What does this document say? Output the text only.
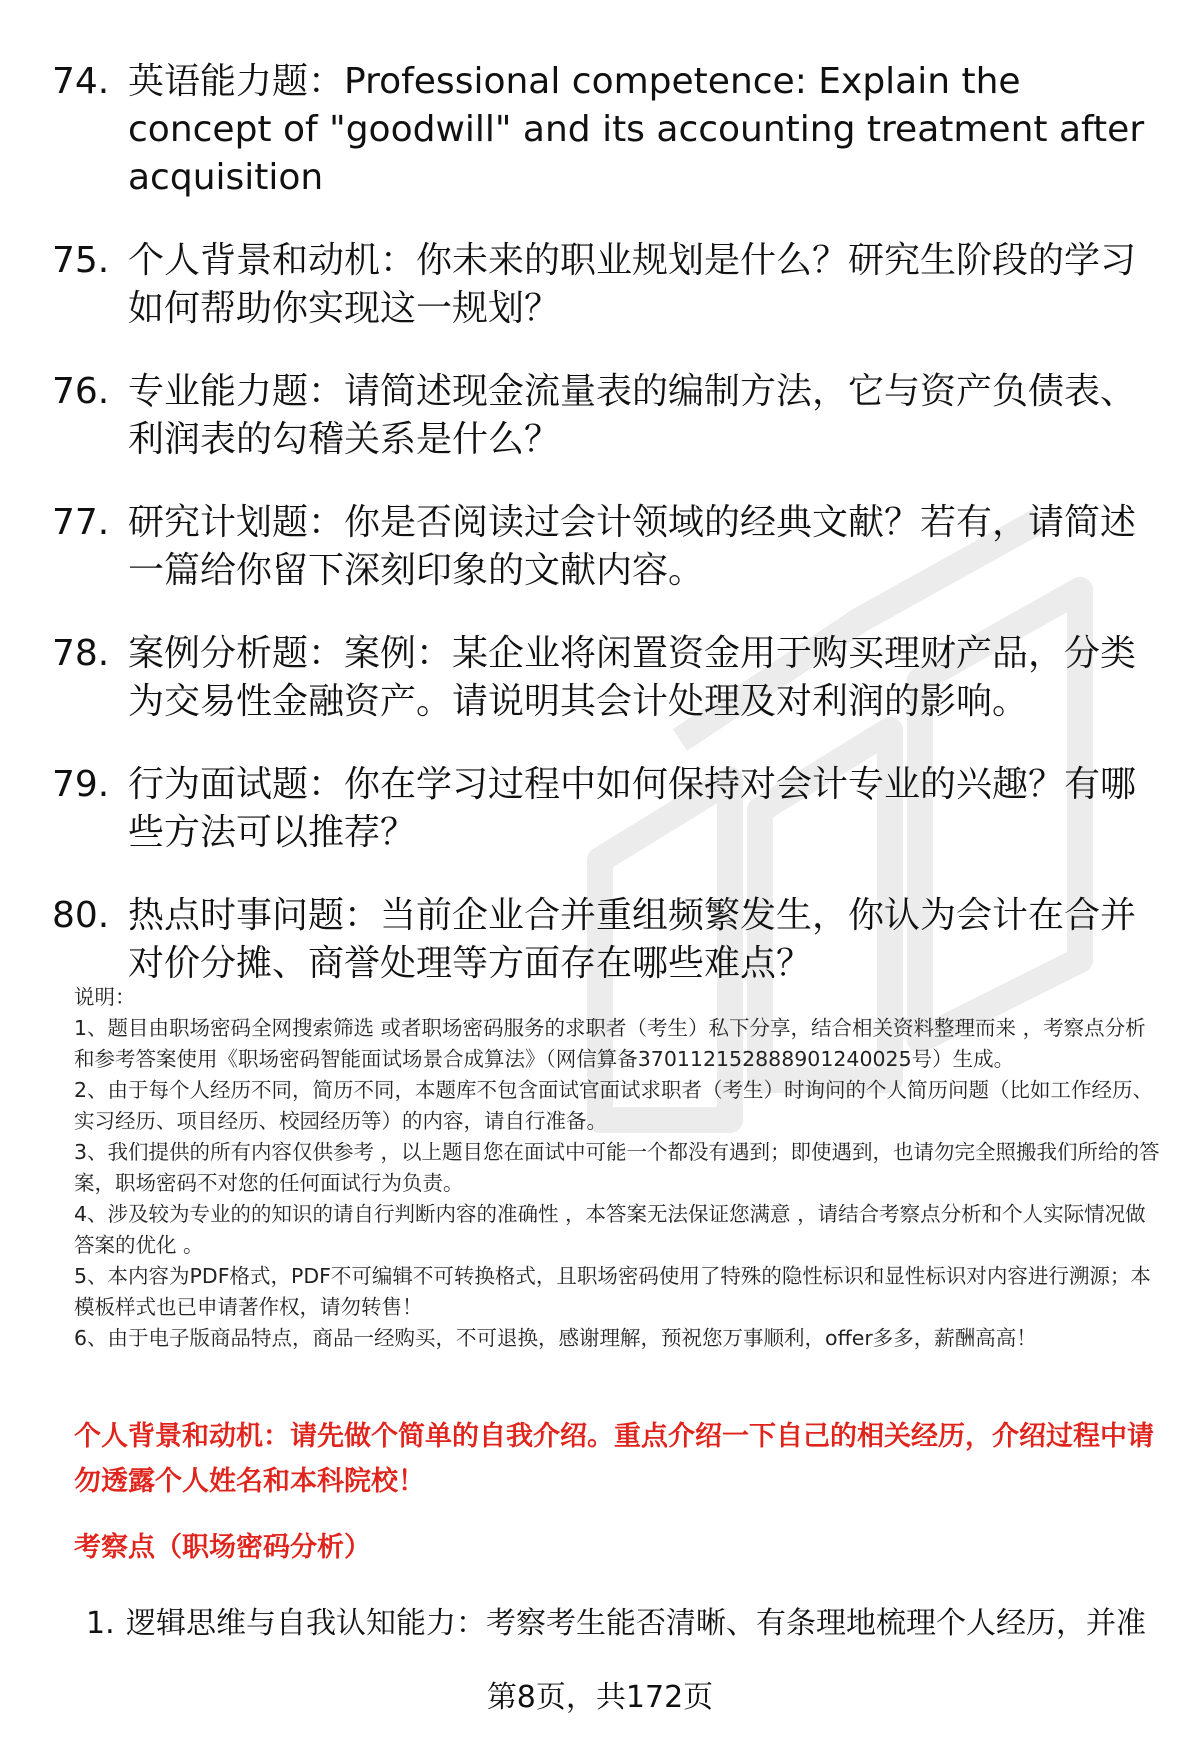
74. 英语能力题：Professional competence: Explain the concept of "goodwill" and its accounting treatment after acquisition
75. 个人背景和动机：你未来的职业规划是什么？研究生阶段的学习如何帮助你实现这一规划？
76. 专业能力题：请简述现金流量表的编制方法，它与资产负债表、利润表的勾稽关系是什么？
77. 研究计划题：你是否阅读过会计领域的经典文献？若有，请简述一篇给你留下深刻印象的文献内容。
78. 案例分析题：案例：某企业将闲置资金用于购买理财产品，分类为交易性金融资产。请说明其会计处理及对利润的影响。
79. 行为面试题：你在学习过程中如何保持对会计专业的兴趣？有哪些方法可以推荐？
80. 热点时事问题：当前企业合并重组频繁发生，你认为会计在合并对价分摊、商誉处理等方面存在哪些难点？

说明：

1、题目由职场密码全网搜索筛选 或者职场密码服务的求职者（考生）私下分享，结合相关资料整理而来 ，考察点分析和参考答案使用《职场密码智能面试场景合成算法》（网信算备370112152888901240025号）生成。

2、由于每个人经历不同，简历不同，本题库不包含面试官面试求职者（考生）时询问的个人简历问题（比如工作经历、实习经历、项目经历、校园经历等）的内容，请自行准备。

3、我们提供的所有内容仅供参考 ，以上题目您在面试中可能一个都没有遇到；即使遇到，也请勿完全照搬我们所给的答案，职场密码不对您的任何面试行为负责。

4、涉及较为专业的的知识的请自行判断内容的准确性 ，本答案无法保证您满意 ，请结合考察点分析和个人实际情况做答案的优化 。

5、本内容为PDF格式，PDF不可编辑不可转换格式，且职场密码使用了特殊的隐性标识和显性标识对内容进行溯源；本模板样式也已申请著作权，请勿转售！

6、由于电子版商品特点，商品一经购买，不可退换，感谢理解，预祝您万事顺利，offer多多，薪酬高高！

个人背景和动机：请先做个简单的自我介绍。重点介绍一下自己的相关经历，介绍过程中请勿透露个人姓名和本科院校！
考察点（职场密码分析）
1. 逻辑思维与自我认知能力：考察考生能否清晰、有条理地梳理个人经历，并准
第8页，共172页
